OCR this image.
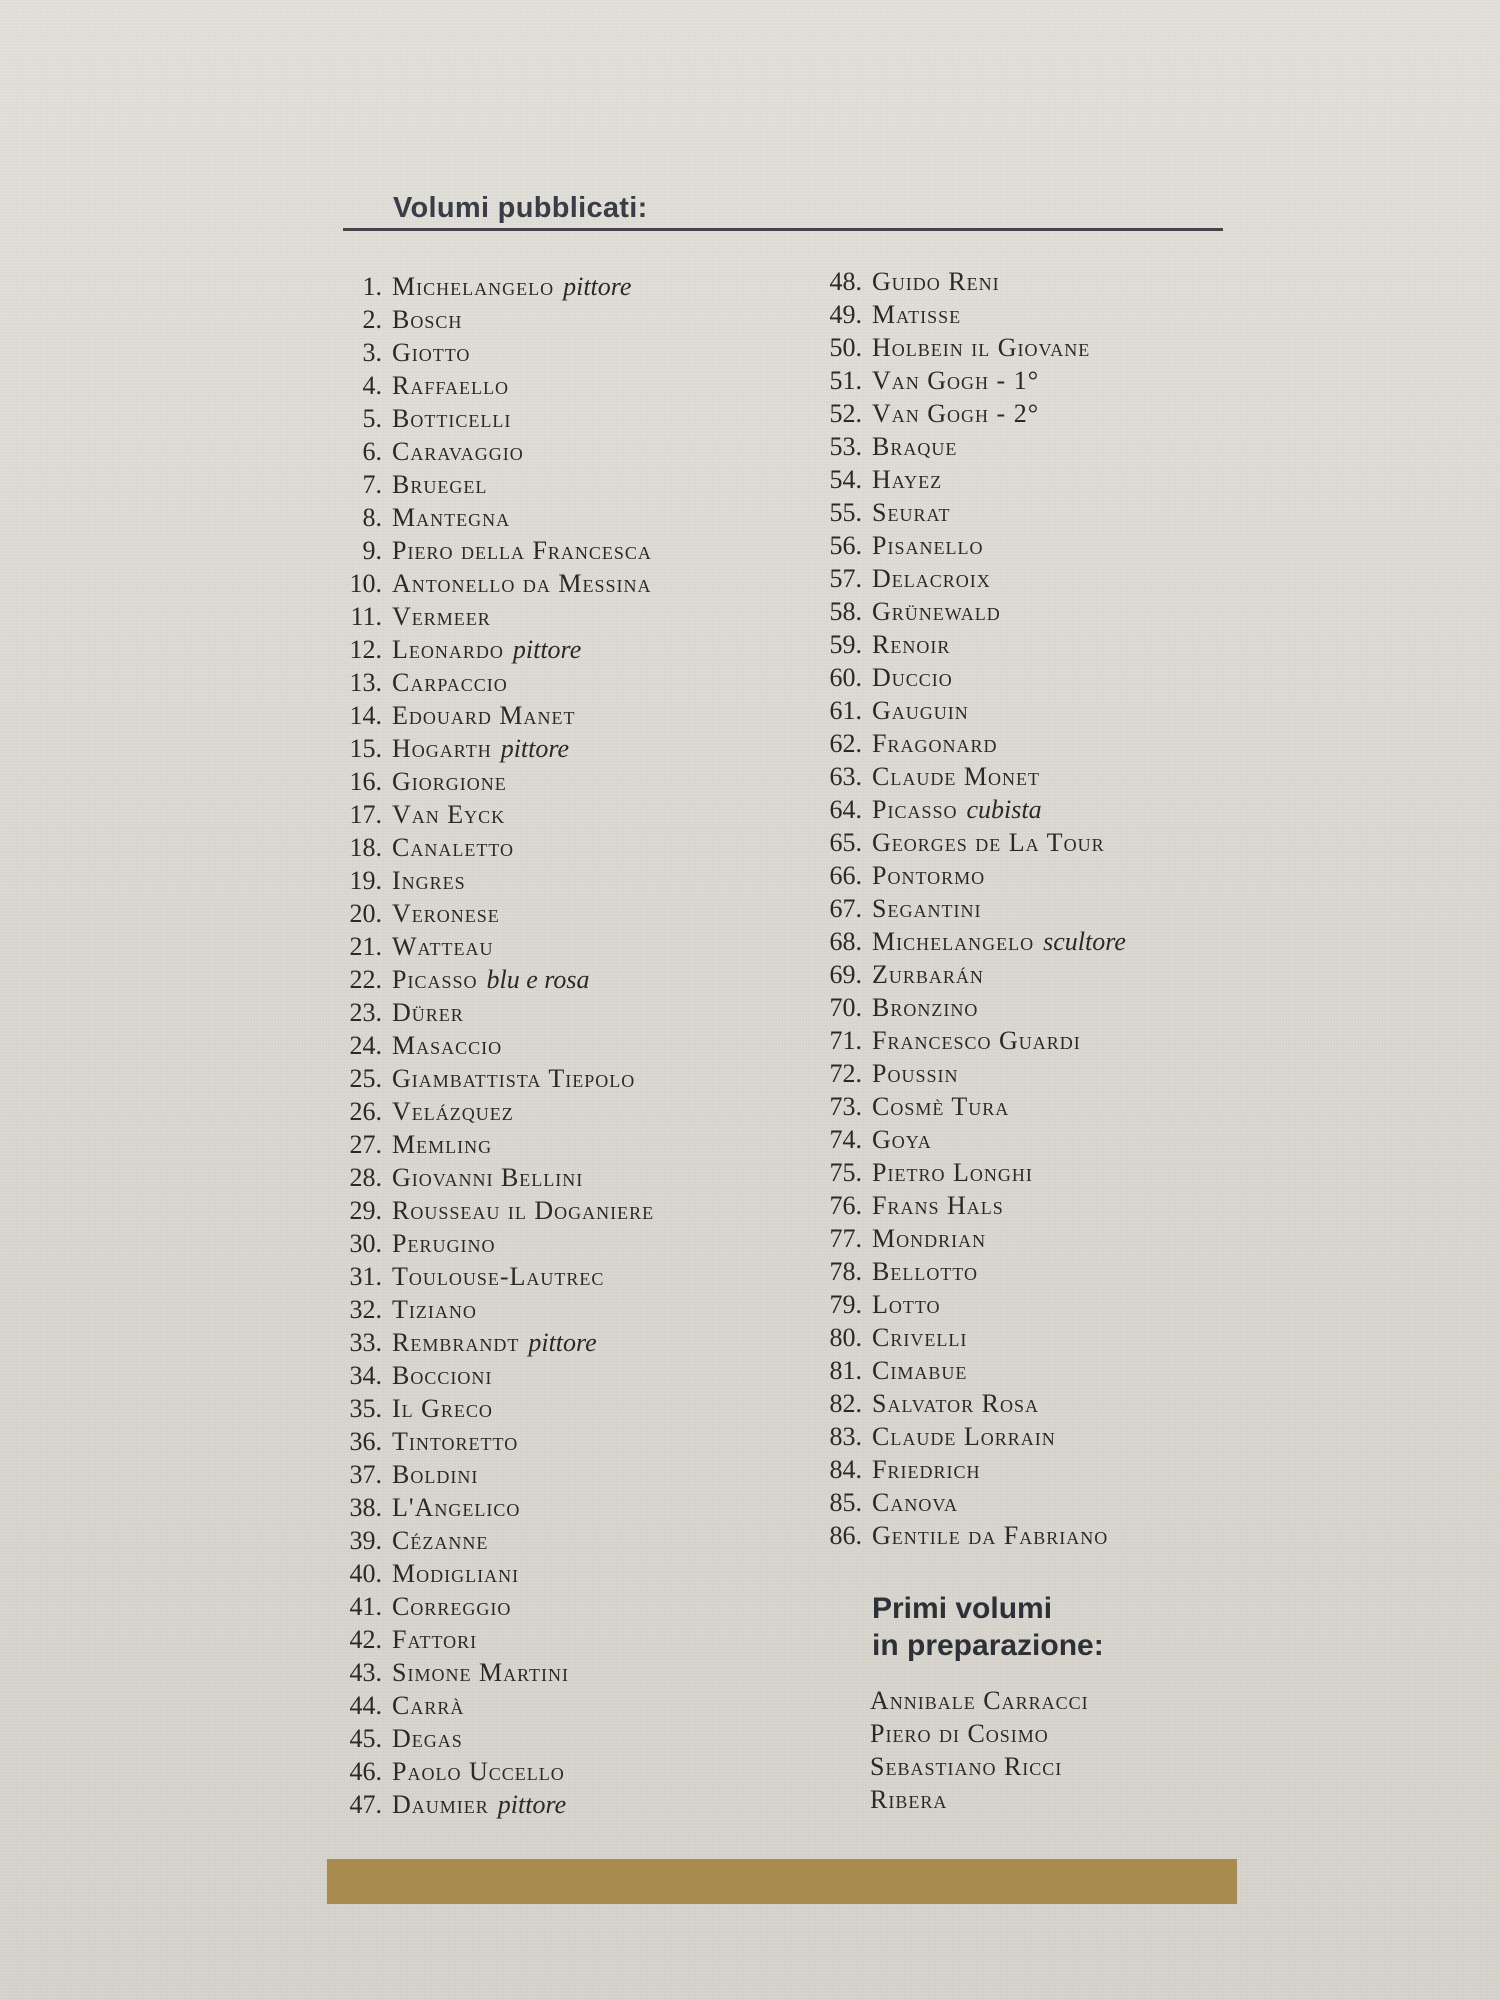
Volumi pubblicati:
1. Michelangelo pittore
2. Bosch
3. Giotto
4. Raffaello
5. Botticelli
6. Caravaggio
7. Bruegel
8. Mantegna
9. Piero della Francesca
10. Antonello da Messina
11. Vermeer
12. Leonardo pittore
13. Carpaccio
14. Edouard Manet
15. Hogarth pittore
16. Giorgione
17. Van Eyck
18. Canaletto
19. Ingres
20. Veronese
21. Watteau
22. Picasso blu e rosa
23. Dürer
24. Masaccio
25. Giambattista Tiepolo
26. Velázquez
27. Memling
28. Giovanni Bellini
29. Rousseau il Doganiere
30. Perugino
31. Toulouse-Lautrec
32. Tiziano
33. Rembrandt pittore
34. Boccioni
35. Il Greco
36. Tintoretto
37. Boldini
38. L'Angelico
39. Cézanne
40. Modigliani
41. Correggio
42. Fattori
43. Simone Martini
44. Carrà
45. Degas
46. Paolo Uccello
47. Daumier pittore
48. Guido Reni
49. Matisse
50. Holbein il Giovane
51. Van Gogh - 1°
52. Van Gogh - 2°
53. Braque
54. Hayez
55. Seurat
56. Pisanello
57. Delacroix
58. Grünewald
59. Renoir
60. Duccio
61. Gauguin
62. Fragonard
63. Claude Monet
64. Picasso cubista
65. Georges de La Tour
66. Pontormo
67. Segantini
68. Michelangelo scultore
69. Zurbarán
70. Bronzino
71. Francesco Guardi
72. Poussin
73. Cosmè Tura
74. Goya
75. Pietro Longhi
76. Frans Hals
77. Mondrian
78. Bellotto
79. Lotto
80. Crivelli
81. Cimabue
82. Salvator Rosa
83. Claude Lorrain
84. Friedrich
85. Canova
86. Gentile da Fabriano
Primi volumi
in preparazione:
Annibale Carracci
Piero di Cosimo
Sebastiano Ricci
Ribera
